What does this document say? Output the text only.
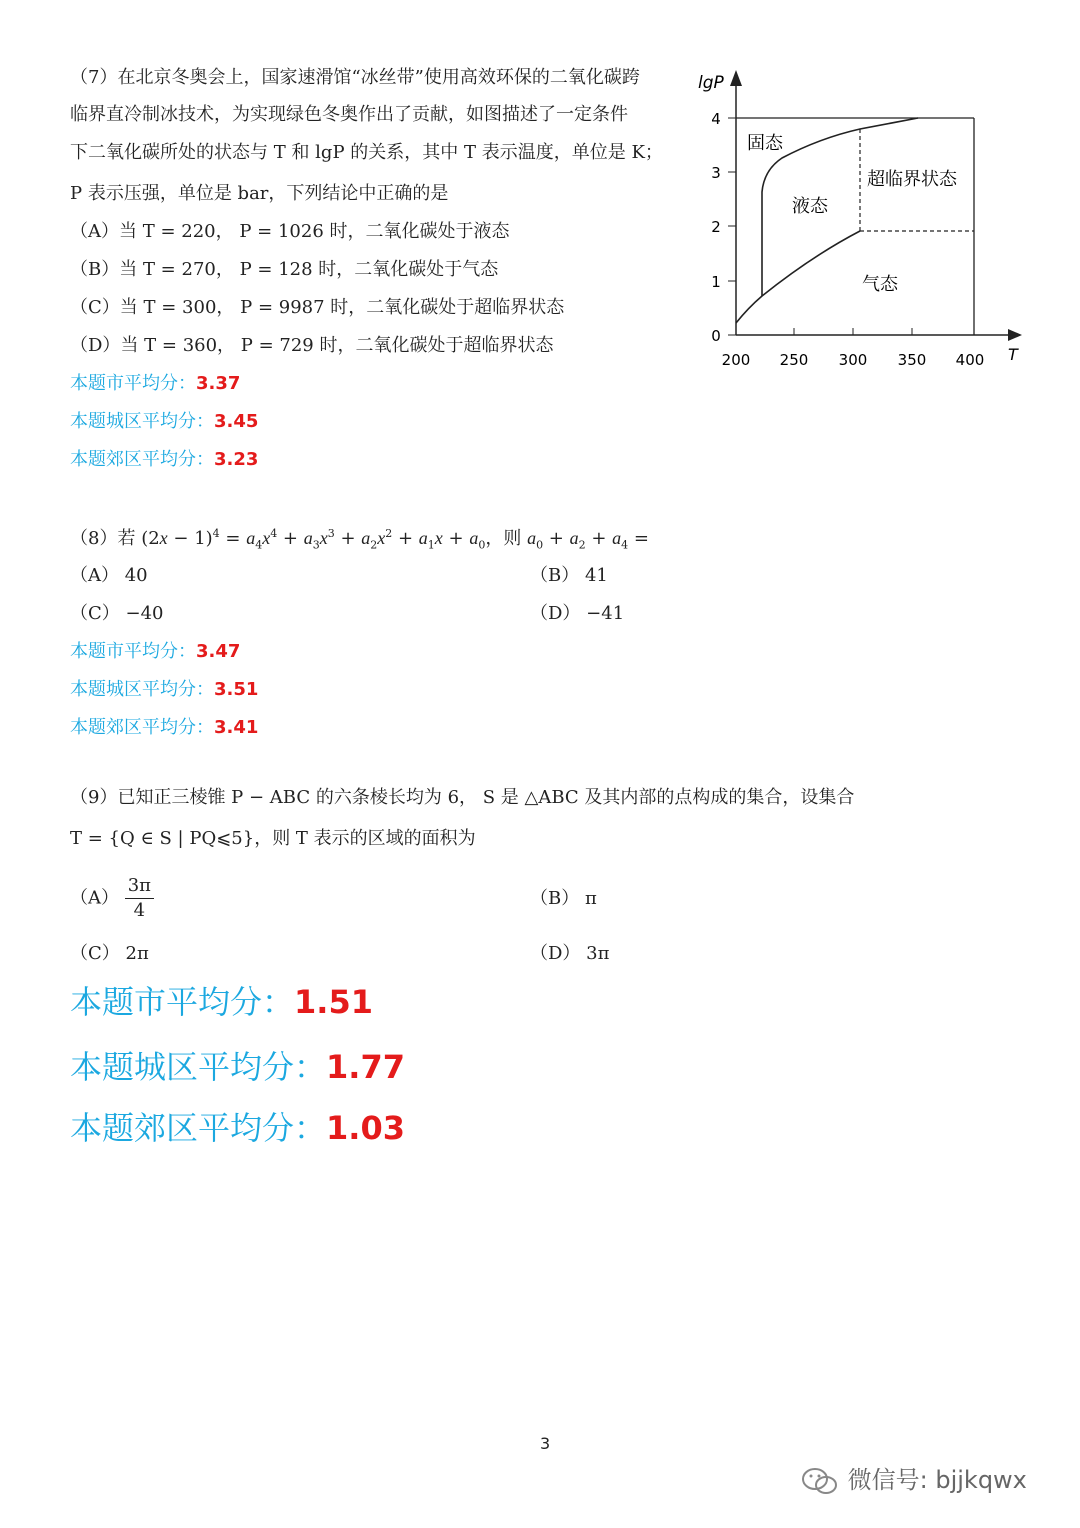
（7）在北京冬奥会上，国家速滑馆“冰丝带”使用高效环保的二氧化碳跨
临界直冷制冰技术，为实现绿色冬奥作出了贡献，如图描述了一定条件
下二氧化碳所处的状态与 T 和 lgP 的关系，其中 T 表示温度，单位是 K；
P 表示压强，单位是 bar，下列结论中正确的是
（A）当 T = 220， P = 1026 时，二氧化碳处于液态
（B）当 T = 270， P = 128 时，二氧化碳处于气态
（C）当 T = 300， P = 9987 时，二氧化碳处于超临界状态
（D）当 T = 360， P = 729 时，二氧化碳处于超临界状态
本题市平均分：3.37
本题城区平均分：3.45
本题郊区平均分：3.23
0
1
2
3
4
200 250 300 350 400
lgP
T
固态
液态
超临界状态
气态
（8）若 $(2x - 1)^4 = a_4x^4 + a_3x^3 + a_2x^2 + a_1x + a_0$，则 $a_0 + a_2 + a_4$ =
（A） 40	（B） 41
（C） −40	（D） −41
本题市平均分：3.47
本题城区平均分：3.51
本题郊区平均分：3.41
（9）已知正三棱锥 P − ABC 的六条棱长均为 6， S 是 △ABC 及其内部的点构成的集合，设集合
T = {Q ∈ S | PQ⩽5}，则 T 表示的区域的面积为
$(A) \frac{3\pi}{4}$	（B） π
（C） 2π	（D） 3π
本题市平均分：1.51
本题城区平均分：1.77
本题郊区平均分：1.03
3
微信号: bjjkqwx
